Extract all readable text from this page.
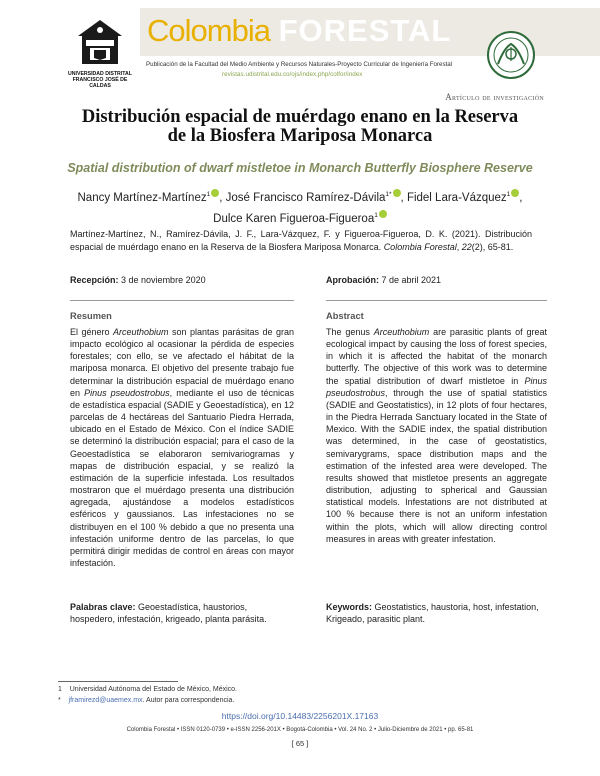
UNIVERSIDAD DISTRITAL FRANCISCO JOSÉ DE CALDAS
Colombia FORESTAL
Publicación de la Facultad del Medio Ambiente y Recursos Naturales-Proyecto Curricular de Ingeniería Forestal
revistas.udistrital.edu.co/ojs/index.php/colfor/index
Artículo de investigación
Distribución espacial de muérdago enano en la Reserva de la Biosfera Mariposa Monarca
Spatial distribution of dwarf mistletoe in Monarch Butterfly Biosphere Reserve
Nancy Martínez-Martínez$^1$ , José Francisco Ramírez-Dávila$^{1*}$ , Fidel Lara-Vázquez$^1$ ,
Dulce Karen Figueroa-Figueroa$^1$
Martínez-Martínez, N., Ramírez-Dávila, J. F., Lara-Vázquez, F. y Figueroa-Figueroa, D. K. (2021). Distribución espacial de muérdago enano en la Reserva de la Biosfera Mariposa Monarca. Colombia Forestal, 22(2), 65-81.
Recepción: 3 de noviembre 2020	Aprobación: 7 de abril 2021
Resumen
El género Arceuthobium son plantas parásitas de gran impacto ecológico al ocasionar la pérdida de especies forestales; con ello, se ve afectado el hábitat de la mariposa monarca. El objetivo del presente trabajo fue determinar la distribución espacial de muérdago enano en Pinus pseudostrobus, mediante el uso de técnicas de estadística espacial (SADIE y Geoestadística), en 12 parcelas de 4 hectáreas del Santuario Piedra Herrada, ubicado en el Estado de México. Con el índice SADIE se determinó la distribución espacial; para el caso de la Geoestadística se elaboraron semivariogramas y mapas de distribución espacial, y se realizó la estimación de la superficie infestada. Los resultados mostraron que el muérdago presenta una distribución agregada, ajustándose a modelos estadísticos esféricos y gaussianos. Las infestaciones no se distribuyen en el 100 % debido a que no presenta una infestación uniforme dentro de las parcelas, lo que permitirá dirigir medidas de control en áreas con mayor infestación.
Palabras clave: Geoestadística, haustorios, hospedero, infestación, krigeado, planta parásita.
Abstract
The genus Arceuthobium are parasitic plants of great ecological impact by causing the loss of forest species, in which it is affected the habitat of the monarch butterfly. The objective of this work was to determine the spatial distribution of dwarf mistletoe in Pinus pseudostrobus, through the use of spatial statistics (SADIE and Geostatistics), in 12 plots of four hectares, in the Piedra Herrada Sanctuary located in the State of Mexico. With the SADIE index, the spatial distribution was determined, in the case of geostatistics, semivarygrams, space distribution maps and the estimation of the infested area were developed. The results showed that mistletoe presents an aggregate distribution, adjusting to spherical and Gaussian statistical models. Infestations are not distributed at 100 % because there is not an uniform infestation within the plots, which will allow directing control measures in areas with greater infestation.
Keywords: Geostatistics, haustoria, host, infestation, Krigeado, parasitic plant.
1 Universidad Autónoma del Estado de México, México.
* jframirezd@uaemex.mx. Autor para correspondencia.
https://doi.org/10.14483/2256201X.17163
Colombia Forestal • ISSN 0120-0739 • e-ISSN 2256-201X • Bogotá-Colombia • Vol. 24 No. 2 • Julio-Diciembre de 2021 • pp. 65-81
[ 65 ]
